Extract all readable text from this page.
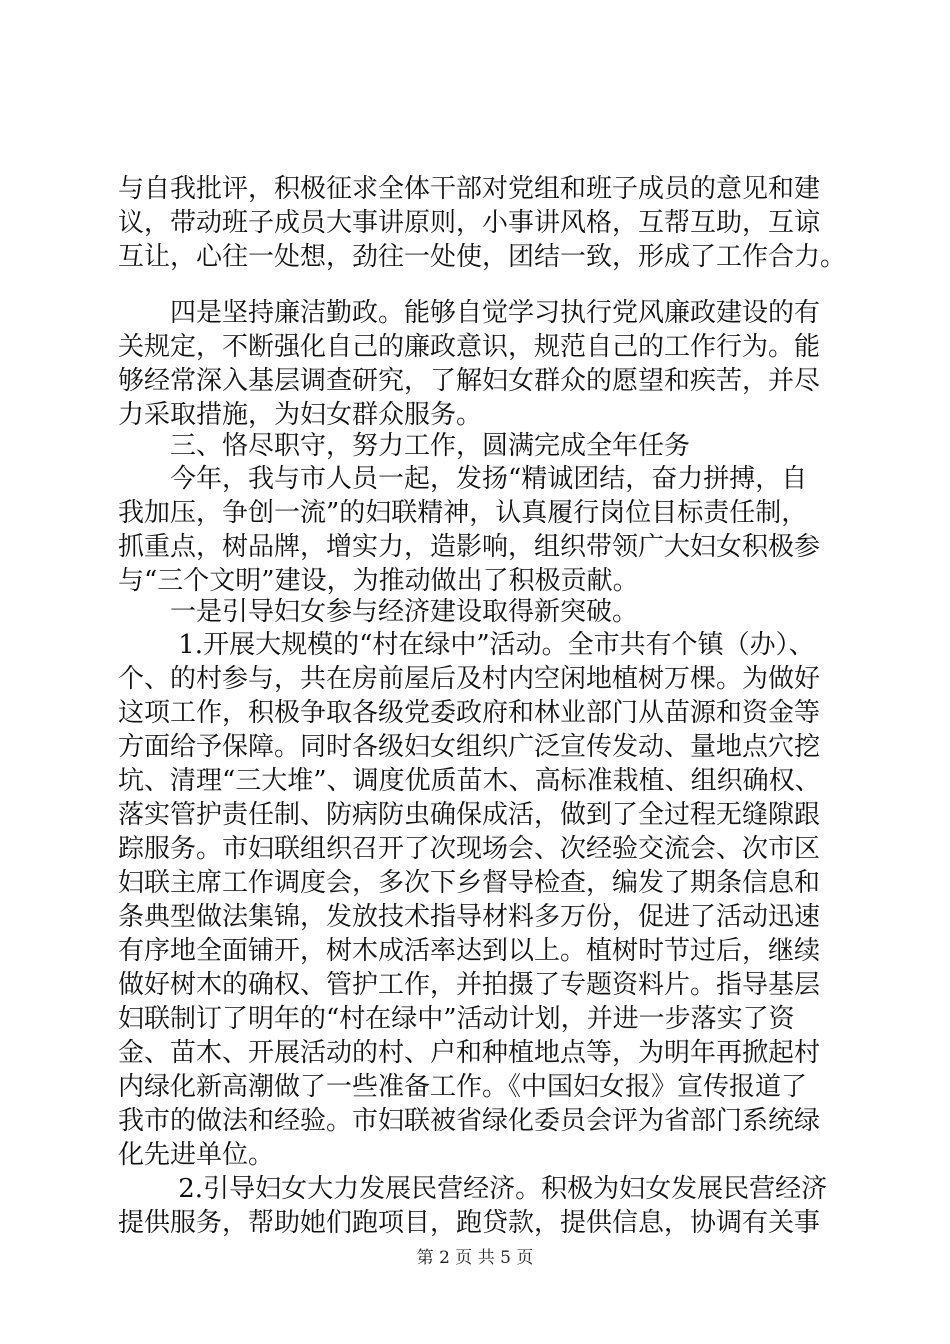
与自我批评，积极征求全体干部对党组和班子成员的意见和建
议，带动班子成员大事讲原则，小事讲风格，互帮互助，互谅
互让，心往一处想，劲往一处使，团结一致，形成了工作合力。
　　四是坚持廉洁勤政。能够自觉学习执行党风廉政建设的有
关规定，不断强化自己的廉政意识，规范自己的工作行为。能
够经常深入基层调查研究，了解妇女群众的愿望和疾苦，并尽
力采取措施，为妇女群众服务。
　　三、恪尽职守，努力工作，圆满完成全年任务
　　今年，我与市人员一起，发扬“精诚团结，奋力拼搏，自
我加压，争创一流”的妇联精神，认真履行岗位目标责任制，
抓重点，树品牌，增实力，造影响，组织带领广大妇女积极参
与“三个文明”建设，为推动做出了积极贡献。
　　一是引导妇女参与经济建设取得新突破。
　　 1.开展大规模的“村在绿中”活动。全市共有个镇（办）、
个、的村参与，共在房前屋后及村内空闲地植树万棵。为做好
这项工作，积极争取各级党委政府和林业部门从苗源和资金等
方面给予保障。同时各级妇女组织广泛宣传发动、量地点穴挖
坑、清理“三大堆”、调度优质苗木、高标准栽植、组织确权、
落实管护责任制、防病防虫确保成活，做到了全过程无缝隙跟
踪服务。市妇联组织召开了次现场会、次经验交流会、次市区
妇联主席工作调度会，多次下乡督导检查，编发了期条信息和
条典型做法集锦，发放技术指导材料多万份，促进了活动迅速
有序地全面铺开，树木成活率达到以上。植树时节过后，继续
做好树木的确权、管护工作，并拍摄了专题资料片。指导基层
妇联制订了明年的“村在绿中”活动计划，并进一步落实了资
金、苗木、开展活动的村、户和种植地点等，为明年再掀起村
内绿化新高潮做了一些准备工作。《中国妇女报》宣传报道了
我市的做法和经验。市妇联被省绿化委员会评为省部门系统绿
化先进单位。
　　 2.引导妇女大力发展民营经济。积极为妇女发展民营经济
提供服务，帮助她们跑项目，跑贷款，提供信息，协调有关事
第 2 页 共 5 页
